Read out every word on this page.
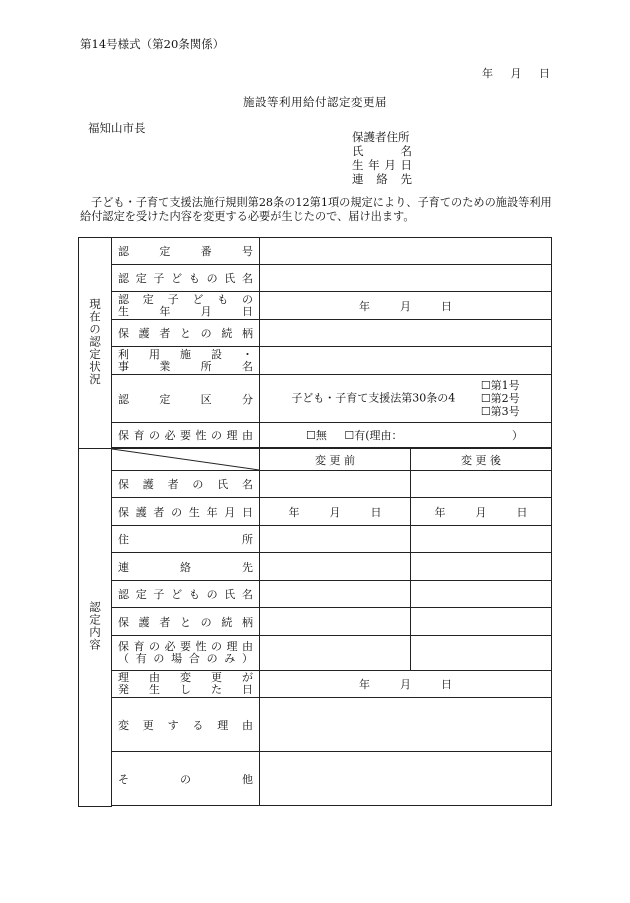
第14号様式（第20条関係）
年 月 日
施設等利用給付認定変更届
福知山市長
保護者住所
氏名
生年月日
連絡先
子ども・子育て支援法施行規則第28条の12第1項の規定により、子育てのための施設等利用給付認定を受けた内容を変更する必要が生じたので、届け出ます。
現在の認定状況	認定番号		
	認定子どもの氏名		

	認定子どもの
生年月日	年 月 日	

	保護者との続柄		

	利用施設・
事業所名		

	認定区分	子ども・子育て支援法第30条の4 ☐第1号
☐第2号
☐第3号	
	保育の必要性の理由	☐無 ☐有(理由： ）	

認定内容		変 更 前	変 更 後
	保護者の氏名		
	保護者の生年月日	年 月 日	年 月 日

	住所		
	連絡先		
	認定子どもの氏名		
	保護者との続柄		

	保育の必要性の理由
（有の場合のみ）		

	理由変更が
発生した日	年 月 日	

	変更する理由		
	その他		
